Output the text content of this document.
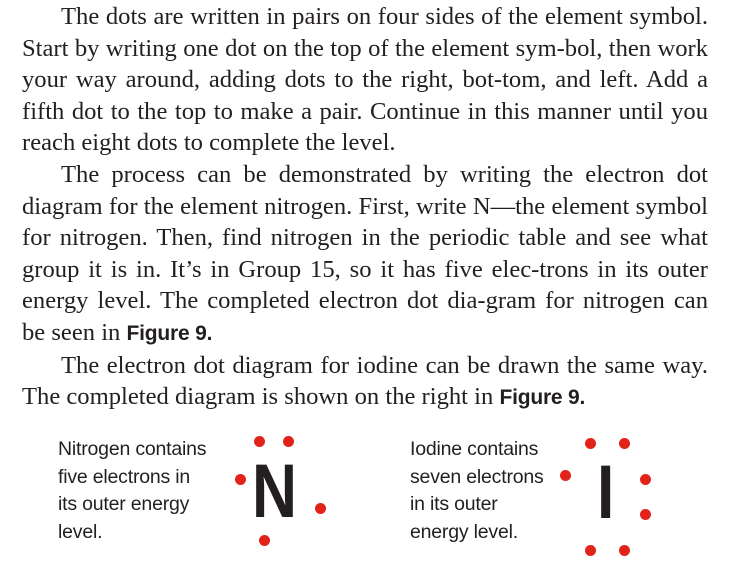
The dots are written in pairs on four sides of the element symbol. Start by writing one dot on the top of the element sym-bol, then work your way around, adding dots to the right, bot-tom, and left. Add a fifth dot to the top to make a pair. Continue in this manner until you reach eight dots to complete the level.

The process can be demonstrated by writing the electron dot diagram for the element nitrogen. First, write N—the element symbol for nitrogen. Then, find nitrogen in the periodic table and see what group it is in. It’s in Group 15, so it has five elec-trons in its outer energy level. The completed electron dot dia-gram for nitrogen can be seen in Figure 9.

The electron dot diagram for iodine can be drawn the same way. The completed diagram is shown on the right in Figure 9.

Nitrogen contains
five electrons in
its outer energy
level.	N	Iodine contains
seven electrons
in its outer
energy level.	I
